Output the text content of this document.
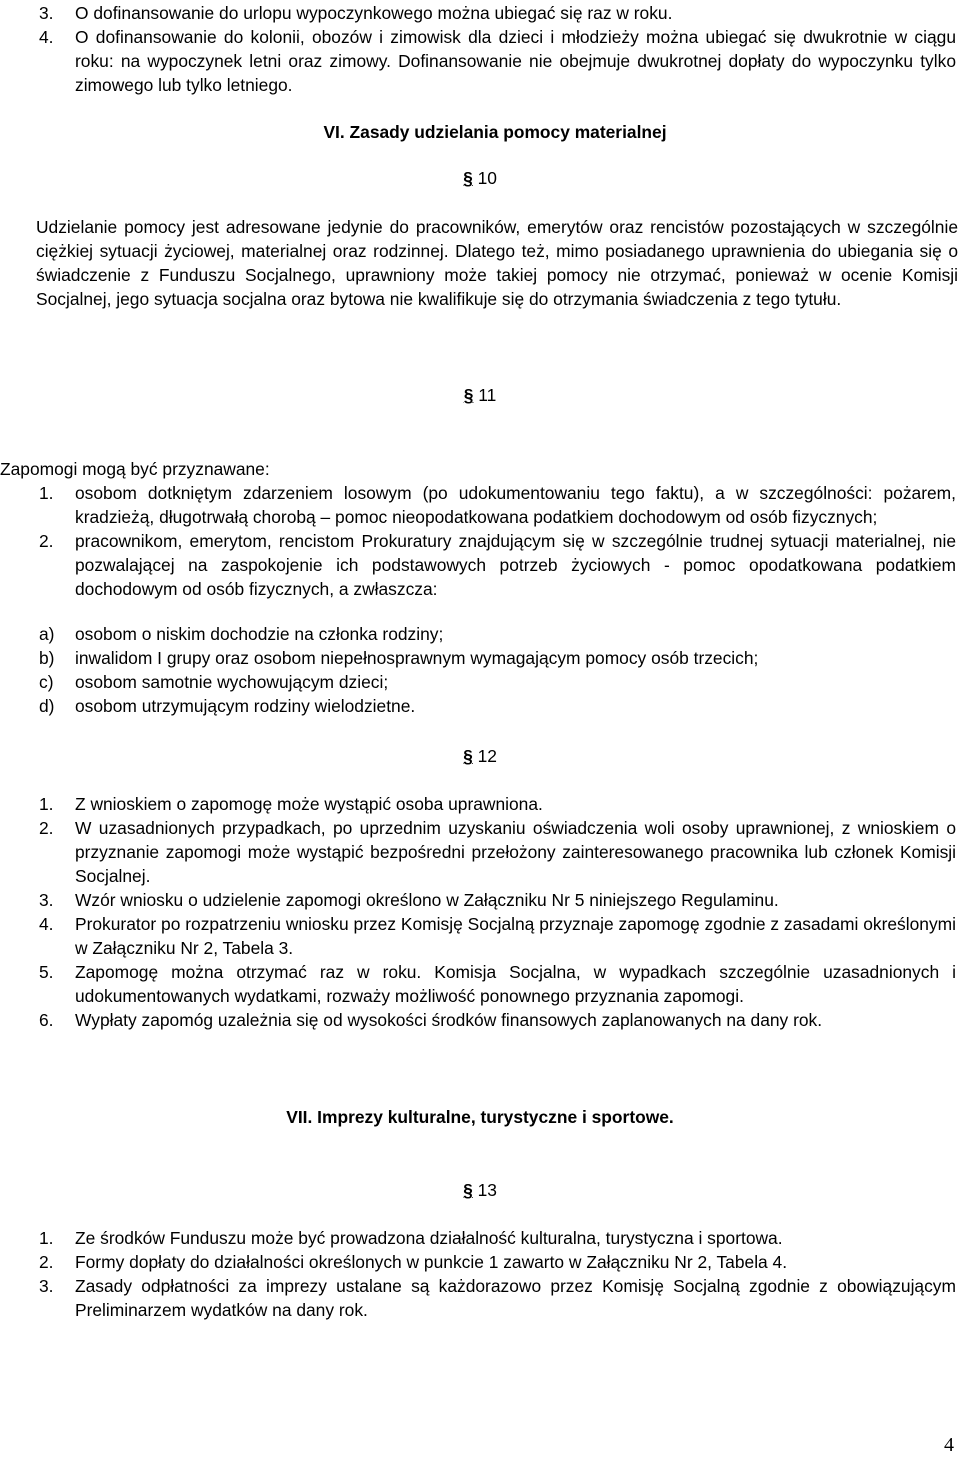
3. O dofinansowanie do urlopu wypoczynkowego można ubiegać się raz w roku.
4. O dofinansowanie do kolonii, obozów i zimowisk dla dzieci i młodzieży można ubiegać się dwukrotnie w ciągu roku: na wypoczynek letni oraz zimowy. Dofinansowanie nie obejmuje dwukrotnej dopłaty do wypoczynku tylko zimowego lub tylko letniego.
VI. Zasady udzielania pomocy materialnej
§ 10
Udzielanie pomocy jest adresowane jedynie do pracowników, emerytów oraz rencistów pozostających w szczególnie ciężkiej sytuacji życiowej, materialnej oraz rodzinnej. Dlatego też, mimo posiadanego uprawnienia do ubiegania się o świadczenie z Funduszu Socjalnego, uprawniony może takiej pomocy nie otrzymać, ponieważ w ocenie Komisji Socjalnej, jego sytuacja socjalna oraz bytowa nie kwalifikuje się do otrzymania świadczenia z tego tytułu.
§ 11
Zapomogi mogą być przyznawane:
1. osobom dotkniętym zdarzeniem losowym (po udokumentowaniu tego faktu), a w szczególności: pożarem, kradzieżą, długotrwałą chorobą – pomoc nieopodatkowana podatkiem dochodowym od osób fizycznych;
2. pracownikom, emerytom, rencistom Prokuratury znajdującym się w szczególnie trudnej sytuacji materialnej, nie pozwalającej na zaspokojenie ich podstawowych potrzeb życiowych - pomoc opodatkowana podatkiem dochodowym od osób fizycznych, a zwłaszcza:
a) osobom o niskim dochodzie na członka rodziny;
b) inwalidom I grupy oraz osobom niepełnosprawnym wymagającym pomocy osób trzecich;
c) osobom samotnie wychowującym dzieci;
d) osobom utrzymującym rodziny wielodzietne.
§ 12
1. Z wnioskiem o zapomogę może wystąpić osoba uprawniona.
2. W uzasadnionych przypadkach, po uprzednim uzyskaniu oświadczenia woli osoby uprawnionej, z wnioskiem o przyznanie zapomogi może wystąpić bezpośredni przełożony zainteresowanego pracownika lub członek Komisji Socjalnej.
3. Wzór wniosku o udzielenie zapomogi określono w Załączniku Nr 5 niniejszego Regulaminu.
4. Prokurator po rozpatrzeniu wniosku przez Komisję Socjalną przyznaje zapomogę zgodnie z zasadami określonymi w Załączniku Nr 2, Tabela 3.
5. Zapomogę można otrzymać raz w roku. Komisja Socjalna, w wypadkach szczególnie uzasadnionych i udokumentowanych wydatkami, rozważy możliwość ponownego przyznania zapomogi.
6. Wypłaty zapomóg uzależnia się od wysokości środków finansowych zaplanowanych na dany rok.
VII. Imprezy kulturalne, turystyczne i sportowe.
§ 13
1. Ze środków Funduszu może być prowadzona działalność kulturalna, turystyczna i sportowa.
2. Formy dopłaty do działalności określonych w punkcie 1 zawarto w Załączniku Nr 2, Tabela 4.
3. Zasady odpłatności za imprezy ustalane są każdorazowo przez Komisję Socjalną zgodnie z obowiązującym Preliminarzem wydatków na dany rok.
4
